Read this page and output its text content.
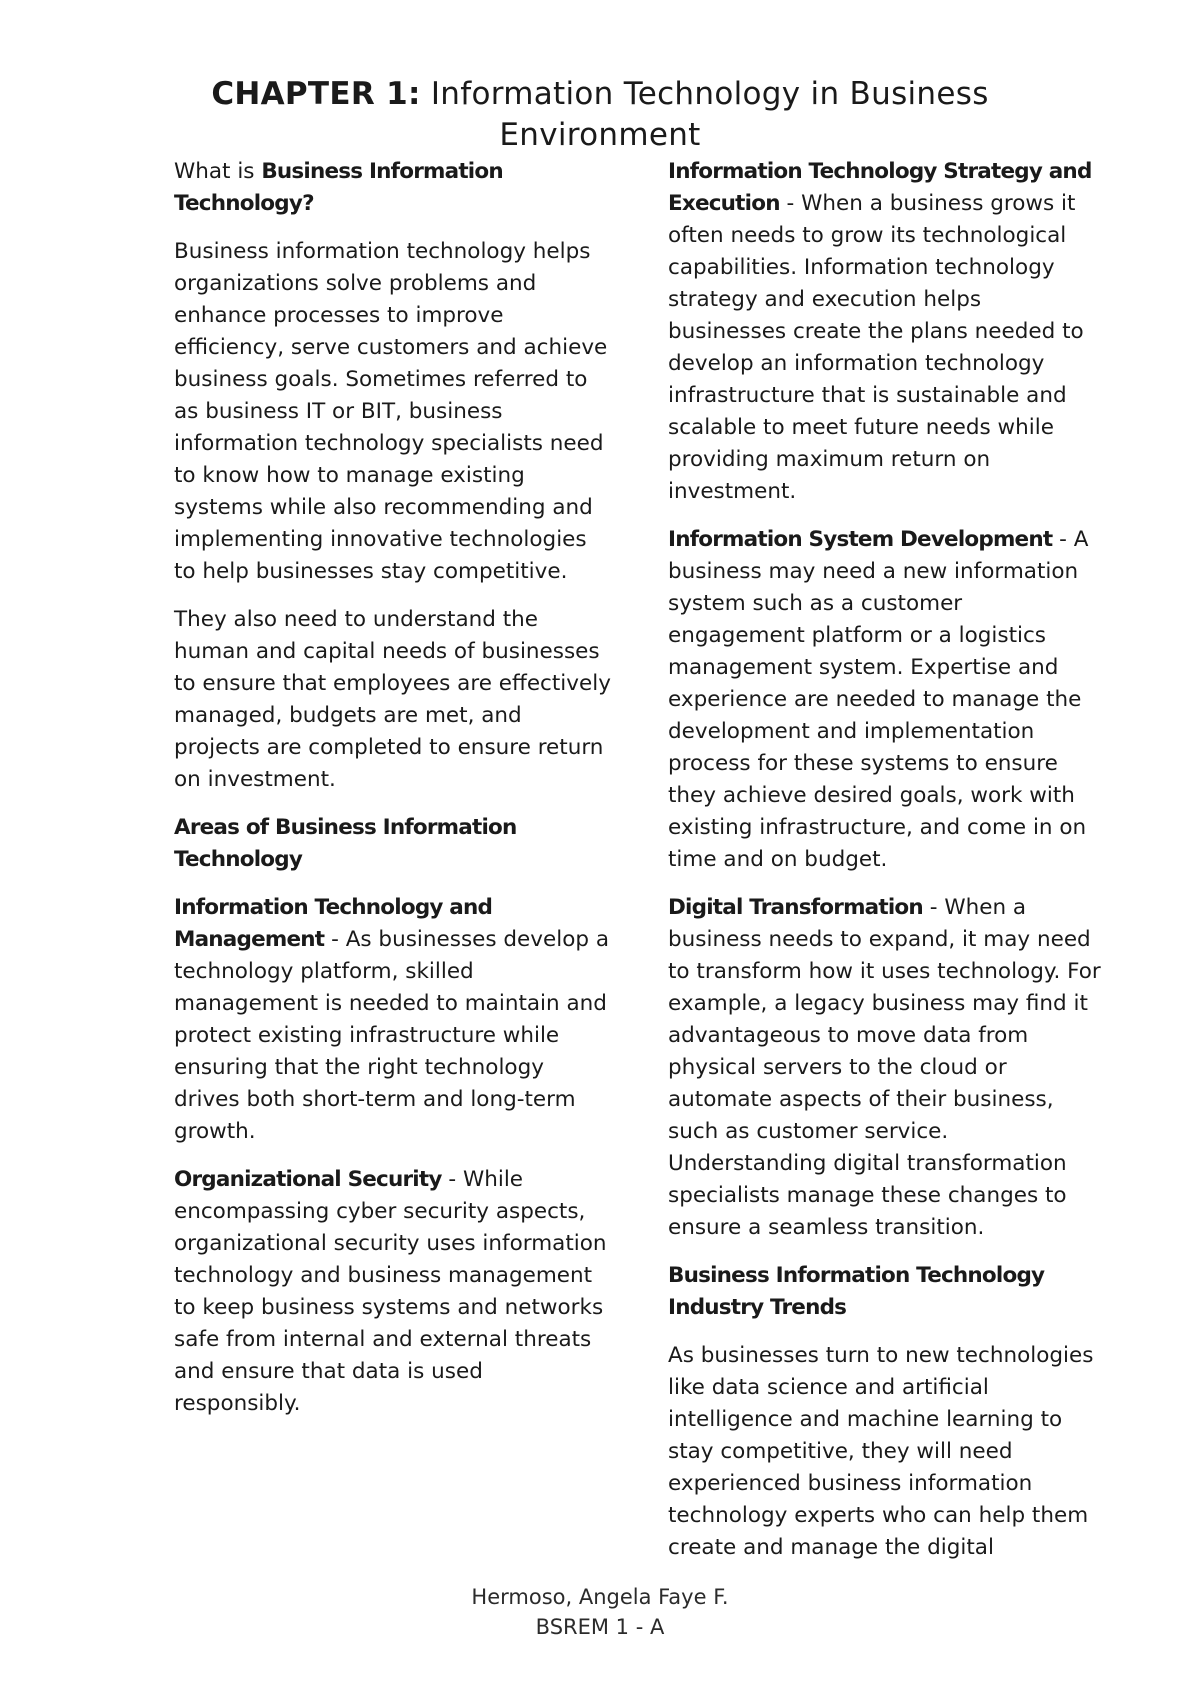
CHAPTER 1: Information Technology in Business Environment

What is Business Information Technology?

Business information technology helps organizations solve problems and enhance processes to improve efficiency, serve customers and achieve business goals. Sometimes referred to as business IT or BIT, business information technology specialists need to know how to manage existing systems while also recommending and implementing innovative technologies to help businesses stay competitive.

They also need to understand the human and capital needs of businesses to ensure that employees are effectively managed, budgets are met, and projects are completed to ensure return on investment.

Areas of Business Information Technology

Information Technology and Management - As businesses develop a technology platform, skilled management is needed to maintain and protect existing infrastructure while ensuring that the right technology drives both short-term and long-term growth.

Organizational Security - While encompassing cyber security aspects, organizational security uses information technology and business management to keep business systems and networks safe from internal and external threats and ensure that data is used responsibly.

Information Technology Strategy and Execution - When a business grows it often needs to grow its technological capabilities. Information technology strategy and execution helps businesses create the plans needed to develop an information technology infrastructure that is sustainable and scalable to meet future needs while providing maximum return on investment.

Information System Development - A business may need a new information system such as a customer engagement platform or a logistics management system. Expertise and experience are needed to manage the development and implementation process for these systems to ensure they achieve desired goals, work with existing infrastructure, and come in on time and on budget.

Digital Transformation - When a business needs to expand, it may need to transform how it uses technology. For example, a legacy business may find it advantageous to move data from physical servers to the cloud or automate aspects of their business, such as customer service. Understanding digital transformation specialists manage these changes to ensure a seamless transition.

Business Information Technology Industry Trends

As businesses turn to new technologies like data science and artificial intelligence and machine learning to stay competitive, they will need experienced business information technology experts who can help them create and manage the digital

Hermoso, Angela Faye F.
BSREM 1 - A
